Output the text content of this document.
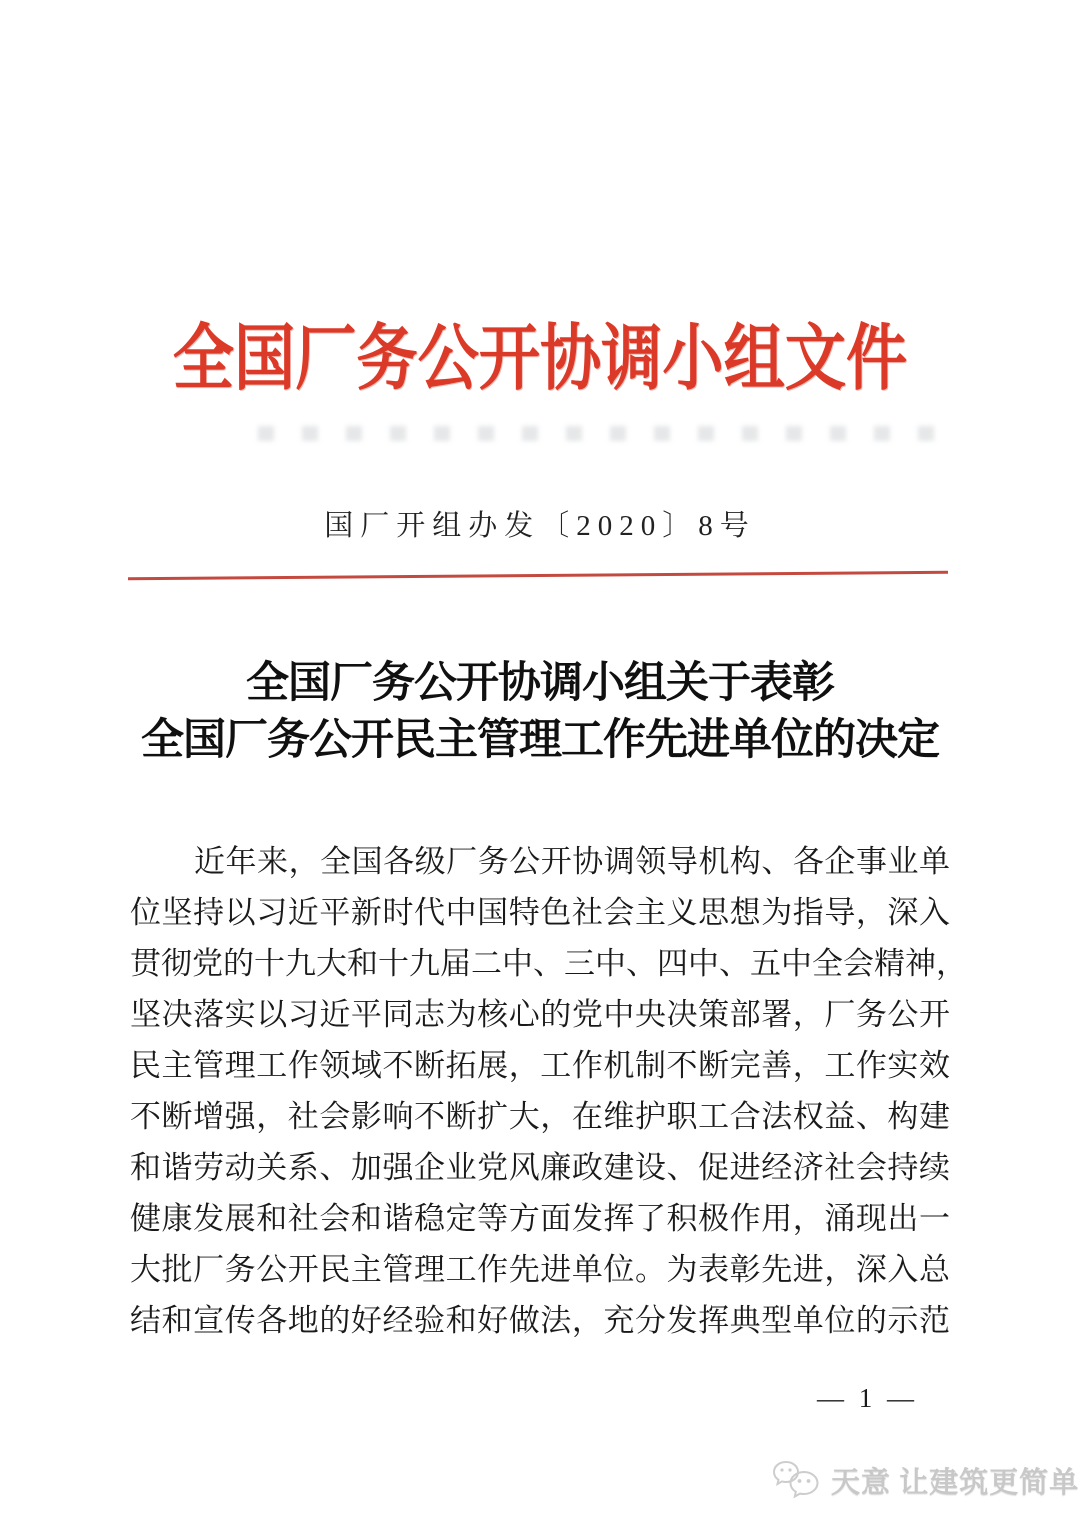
全国厂务公开协调小组文件
国厂开组办发〔2020〕8号
全国厂务公开协调小组关于表彰
全国厂务公开民主管理工作先进单位的决定
近年来，全国各级厂务公开协调领导机构、各企事业单
位坚持以习近平新时代中国特色社会主义思想为指导，深入
贯彻党的十九大和十九届二中、三中、四中、五中全会精神，
坚决落实以习近平同志为核心的党中央决策部署，厂务公开
民主管理工作领域不断拓展，工作机制不断完善，工作实效
不断增强，社会影响不断扩大，在维护职工合法权益、构建
和谐劳动关系、加强企业党风廉政建设、促进经济社会持续
健康发展和社会和谐稳定等方面发挥了积极作用，涌现出一
大批厂务公开民主管理工作先进单位。为表彰先进，深入总
结和宣传各地的好经验和好做法，充分发挥典型单位的示范
— 1 —
天意 让建筑更简单
